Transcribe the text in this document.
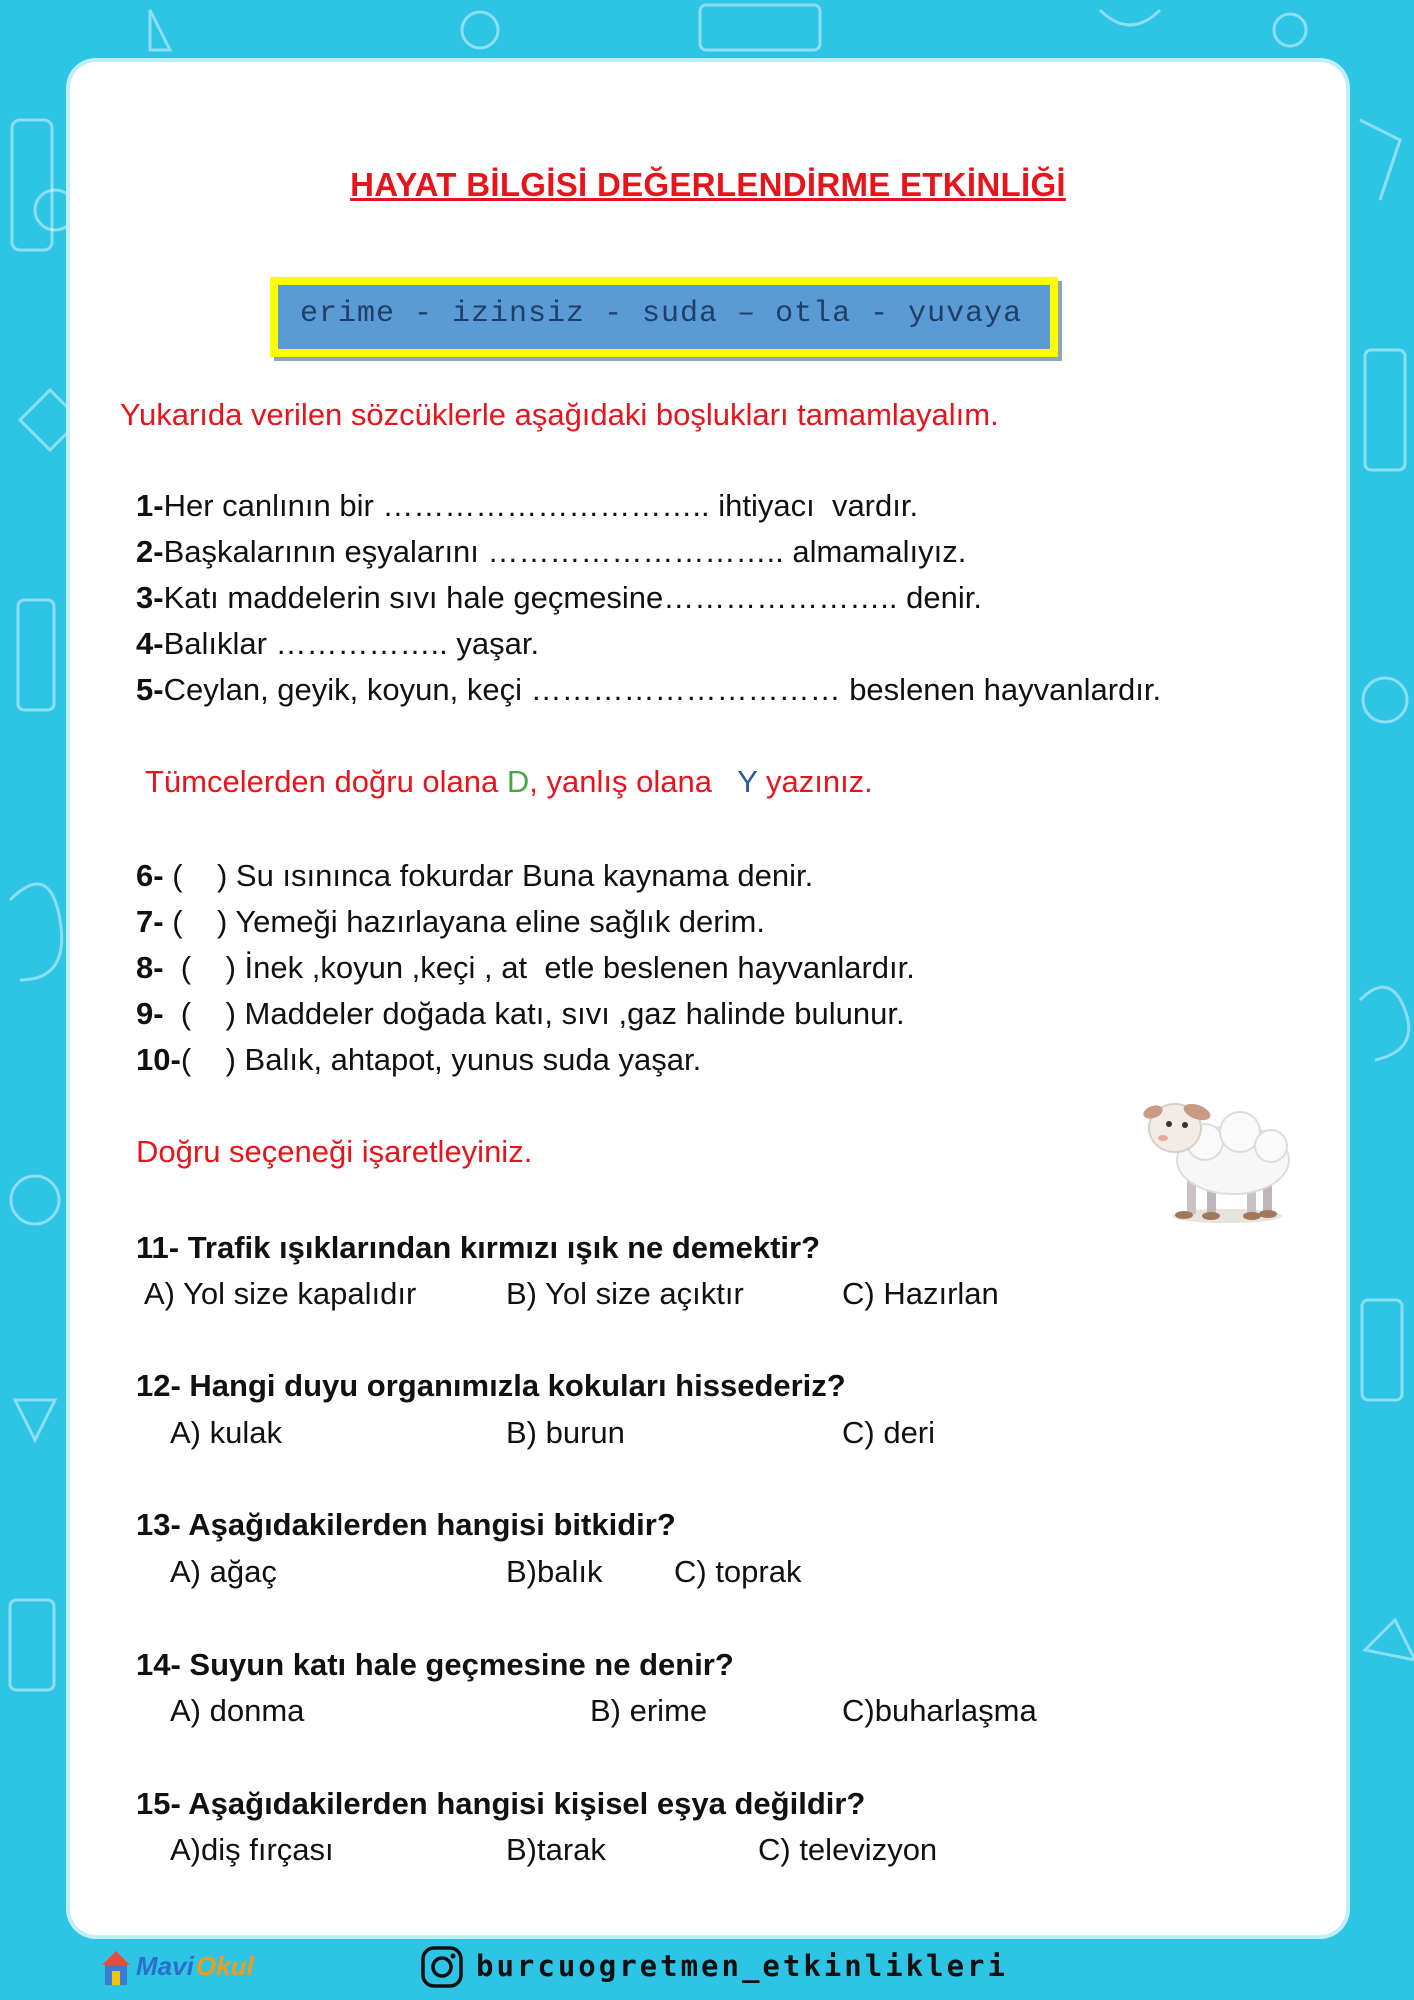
HAYAT BİLGİSİ DEĞERLENDİRME ETKİNLİĞİ
erime - izinsiz - suda – otla - yuvaya
Yukarıda verilen sözcüklerle aşağıdaki boşlukları tamamlayalım.
1-Her canlının bir ………………………….. ihtiyacı  vardır.
2-Başkalarının eşyalarını ……………………….. almamalıyız.
3-Katı maddelerin sıvı hale geçmesine………………….. denir.
4-Balıklar …………….. yaşar.
5-Ceylan, geyik, koyun, keçi ………………………… beslenen hayvanlardır.
Tümcelerden doğru olana D, yanlış olana   Y yazınız.
6- (    ) Su ısınınca fokurdar Buna kaynama denir.
7- (    ) Yemeği hazırlayana eline sağlık derim.
8-  (    ) İnek ,koyun ,keçi , at  etle beslenen hayvanlardır.
9-  (    ) Maddeler doğada katı, sıvı ,gaz halinde bulunur.
10-(    ) Balık, ahtapot, yunus suda yaşar.
Doğru seçeneği işaretleyiniz.
11- Trafik ışıklarından kırmızı ışık ne demektir?
A) Yol size kapalıdır	B) Yol size açıktır	C) Hazırlan
12- Hangi duyu organımızla kokuları hissederiz?
A) kulak	B) burun	C) deri
13- Aşağıdakilerden hangisi bitkidir?
A) ağaç	B)balık C) toprak
14- Suyun katı hale geçmesine ne denir?
A) donma	B) erime	C)buharlaşma
15- Aşağıdakilerden hangisi kişisel eşya değildir?
A)diş fırçası	B)tarak	C) televizyon
Mavi Okul	burcuogretmen_etkinlikleri
